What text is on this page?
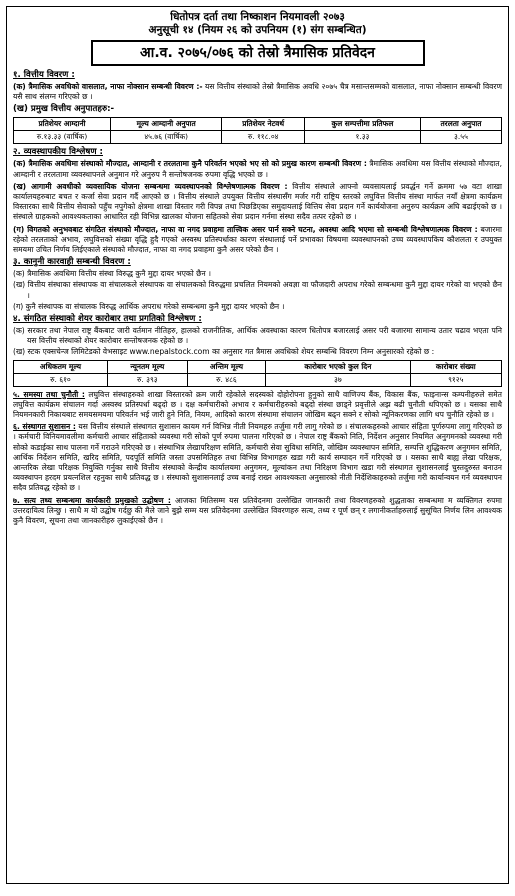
धितोपत्र दर्ता तथा निष्काशन नियमावली २०७३
अनुसूची १४ (नियम २६ को उपनियम (१) संग सम्बन्धित)
आ.व. २०७५/०७६ को तेस्रो त्रैमासिक प्रतिवेदन
१. वित्तीय विवरण :
(क) त्रैमासिक अवधिको वासलात, नाफा नोक्सान सम्बन्धी विवरण :- यस वित्तीय संस्थाको तेस्रो त्रैमासिक अवधि २०७५ चैत्र मसान्तसम्मको वासलात, नाफा नोक्सान सम्बन्धी विवरण यसै साथ संलग्न गरिएको छ ।
(ख) प्रमुख वित्तीय अनुपातहरु:-
प्रतिशेयर आम्दानी	मूल्य आम्दानी अनुपात	प्रतिशेयर नेटवर्थ	कुल सम्पत्तीमा प्रतिफल	तरलता अनुपात
रु.१३.३३ (वार्षिक)	४५.७६ (वार्षिक)	रु. ११८.०४	१.३३	३.५५
२. व्यवस्थापकीय विश्लेषण :
(क) त्रैमासिक अवधिमा संस्थाको मौज्दात, आम्दानी र तरलतामा कुनै परिवर्तन भएको भए सो को प्रमुख कारण सम्बन्धी विवरण : त्रैमासिक अवधिमा यस वित्तीय संस्थाको मौज्दात, आम्दानी र तरलतामा व्यवस्थापनले अनुमान गरे अनुरुप नै सन्तोषजनक रुपमा वृद्धि भएको छ ।
(ख) आगामी अवधीको व्यवसायिक योजना सम्बन्धमा व्यवस्थापनको विश्लेषणात्मक विवरण : वित्तीय संस्थाले आफ्नो व्यवसायलाई प्रवर्द्धन गर्ने क्रममा ५७ वटा शाखा कार्यालयहरुबाट बचत र कर्जा सेवा प्रदान गर्दै आएको छ । वित्तीय संस्थाले उपयुक्त वित्तीय संस्थासँग मर्जर गरी राष्ट्रिय स्तरको लघुवित्त वित्तीय संस्था मार्फत नयाँ क्षेत्रमा कार्यक्रम विस्तारका साथै वित्तीय सेवाको पहुँच नपुगेको क्षेत्रमा शाखा विस्तार गरी विपन्न तथा पिछडिएका समुदायलाई वित्तिय सेवा प्रदान गर्ने कार्ययोजना अनुरुप कार्यक्रम अघि बढाईएको छ । संस्थाले ग्राहकको आवश्यकताका आधारित रही विभिन्न खालका योजना सहितको सेवा प्रदान गर्नमा संस्था सदैव तत्पर रहेको छ ।
(ग) विगतको अनुभवबाट संगठित संस्थाको मौज्दात, नाफा वा नगद प्रवाहमा तात्त्विक असर पार्न सक्ने घटना, अवस्था आदि भएमा सो सम्बन्धी विश्लेषणात्मक विवरण : बजारमा रहेको तरलताको अभाव, लघुवित्तको संख्या वृद्धि हुदै गएको अस्वस्थ प्रतिस्पर्धाका कारण संस्थालाई पर्ने प्रभावका विषयमा व्यवस्थापनको उच्च व्यवस्थापकिय कौशलता र उपयुक्त समयमा उचित निर्णय लिईएकाले संस्थाको मौज्दात, नाफा वा नगद प्रवाहमा कुनै असर परेको छैन ।
३. कानुनी कारवाही सम्बन्धी विवरण :
(क) त्रैमासिक अवधिमा वित्तीय संस्था विरुद्ध कुनै मुद्दा दायर भएको छैन ।
(ख) वित्तीय संस्थाका संस्थापक वा संचालकले संस्थापक वा संचालकको विरुद्धमा प्रचलित नियमको अवज्ञा वा फौजदारी अपराध गरेको सम्बन्धमा कुनै मुद्दा दायर गरेको वा भएको छैन ।
(ग) कुनै संस्थापक वा संचालक विरुद्ध आर्थिक अपराध गरेको सम्बन्धमा कुनै मुद्दा दायर भएको छैन ।
४. संगठित संस्थाको शेयर कारोबार तथा प्रगतिको विश्लेषण :
(क) सरकार तथा नेपाल राष्ट्र बैंकबाट जारी वर्तमान नीतिहरु, हालको राजनीतिक, आर्थिक अवस्थाका कारण धितोपत्र बजारलाई असर परी बजारमा सामान्य उतार चढाव भएता पनि यस वित्तीय संस्थाको शेयर कारोबार सन्तोषजनक रहेको छ ।
(ख) स्टक एक्सचेन्ज लिमिटेडको वेभसाइट www.nepalstock.com का अनुसार गत त्रैमास अवधिको शेयर सम्बन्धि विवरण निम्न अनुसारको रहेको छ :
अधिकतम मूल्य	न्यूनतम मूल्य	अन्तिम मूल्य	कारोबार भएको कुल दिन	कारोबार संख्या
रु. ६१०	रु. ३९३	रु. ४८६	३७	९१२५
५. समस्या तथा चुनौती : लघुवित्त संस्थाहरुको शाखा विस्तारको क्रम जारी रहेकोले सदस्यको दोहोरोपना हुनुको साथै वाणिज्य बैंक, विकास बैंक, फाइनान्स कम्पनीहरुले समेत लघुवित्त कार्यक्रम संचालन गर्दा अस्वस्थ प्रतिस्पर्धा बढ्दो छ । दक्ष कर्मचारीको अभाव र कर्मचारीहरुको बढ्दो संस्था छाड्ने प्रवृत्तीले अझ बढी चुनौती थपिएको छ । यसका साथै नियमनकारी निकायबाट समयसमयमा परिवर्तन भई जारी हुने निति, नियम, आदिको कारण संस्थामा संचालन जोखिम बढ्न सक्ने र सोको न्यूनिकरणका लागि थप चुनौति रहेको छ ।
६. संस्थागत सुशासन : यस वित्तीय संस्थाले संस्थागत सुशासन कायम गर्न विभिन्न नीती नियमहरु तर्जुमा गरी लागु गरेको छ । संचालकहरुको आचार संहिता पूर्णरुपमा लागु गरिएको छ । कर्मचारी विनियमावलीमा कर्मचारी आचार संहिताको व्यवस्था गरी सोको पूर्ण रुपमा पालना गरिएको छ । नेपाल राष्ट्र बैंकको निति, निर्देशन अनुसार नियमित अनुगमनको व्यवस्था गरी सोको कडाईका साथ पालना गर्ने गराउने गरिएको छ । संस्थाभित्र लेखापरिक्षण समिति, कर्मचारी सेवा सुविधा समिति, जोखिम व्यवस्थापन समिति, सम्पत्ति शुद्धिकरण अनुगमन समिति, आर्थिक निर्देशन समिति, खरिद समिति, पदपूर्ति समिति जस्ता उपसमितिहरु तथा विभिन्न विभागहरु खडा गरी कार्य सम्पादन गर्ने गरिएको छ । यसका साथै बाह्य लेखा परिक्षक, आन्तरिक लेखा परिक्षक नियुक्ति गर्नुका साथै वित्तीय संस्थाको केन्द्रीय कार्यालयमा अनुगमन, मूल्यांकन तथा निरिक्षण विभाग खडा गरी संस्थागत सुशासनलाई चुस्तदुरुस्त बनाउन व्यवस्थापन हरदम प्रयत्नशिल रहनुका साथै प्रतिवद्ध छ । संस्थाको सुशासनलाई उच्च बनाई राख्न आवश्यकता अनुसारको नीती निर्देशिकाहरुको तर्जुमा गरी कार्यान्वयन गर्न व्यवस्थापन सदैव प्रतिवद्ध रहेको छ ।
७. सत्य तथ्य सम्बन्धमा कार्यकारी प्रमुखको उद्घोषण : आजका मितिसम्म यस प्रतिवेदनमा उल्लेखित जानकारी तथा विवरणहरुको शुद्धताका सम्बन्धमा म व्यक्तिगत रुपमा उत्तरदायित्व लिन्छु । साथै म यो उद्घोष गर्दछु की मैले जाने बुझे सम्म यस प्रतिवेदनमा उल्लेखित विवरणहरु सत्य, तथ्य र पूर्ण छन् र लगानीकर्ताहरुलाई सुसूचित निर्णय लिन आवश्यक कुनै विवरण, सूचना तथा जानकारीहरु लुकाईएको छैन ।
